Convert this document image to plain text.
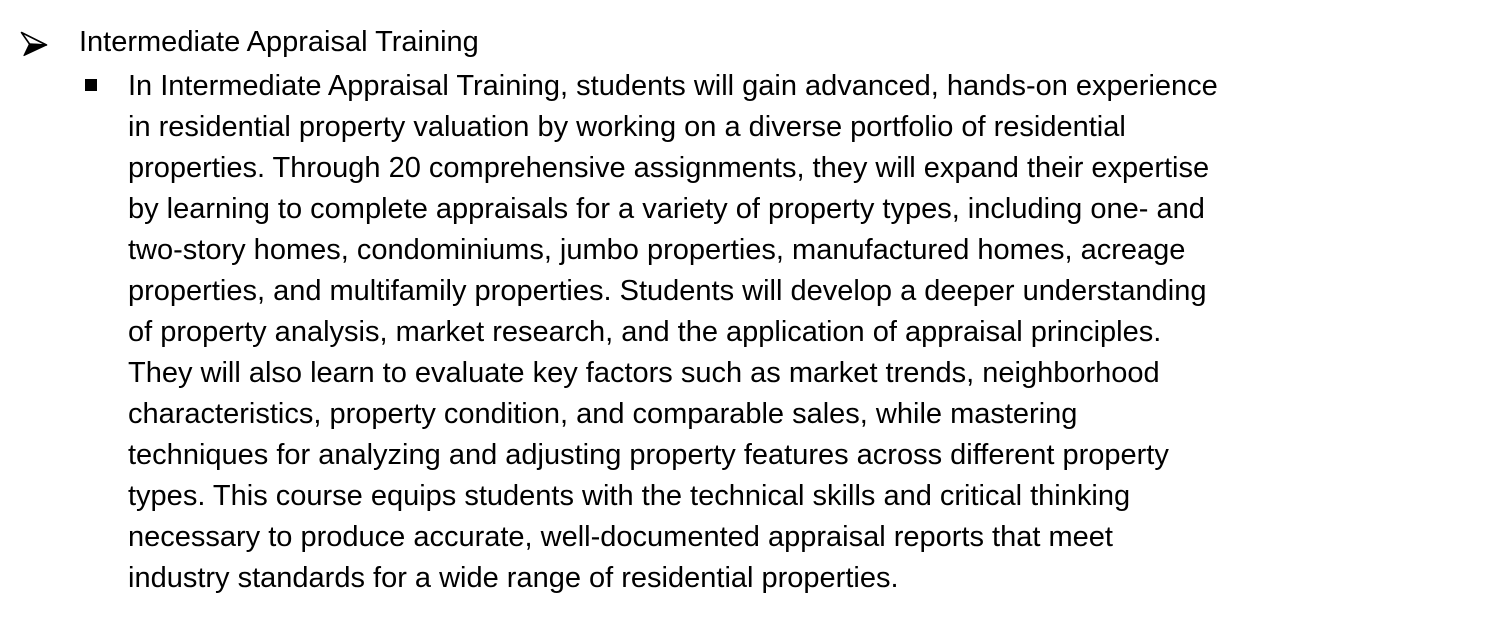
Intermediate Appraisal Training
In Intermediate Appraisal Training, students will gain advanced, hands-on experience
in residential property valuation by working on a diverse portfolio of residential
properties. Through 20 comprehensive assignments, they will expand their expertise
by learning to complete appraisals for a variety of property types, including one- and
two-story homes, condominiums, jumbo properties, manufactured homes, acreage
properties, and multifamily properties. Students will develop a deeper understanding
of property analysis, market research, and the application of appraisal principles.
They will also learn to evaluate key factors such as market trends, neighborhood
characteristics, property condition, and comparable sales, while mastering
techniques for analyzing and adjusting property features across different property
types. This course equips students with the technical skills and critical thinking
necessary to produce accurate, well-documented appraisal reports that meet
industry standards for a wide range of residential properties.
